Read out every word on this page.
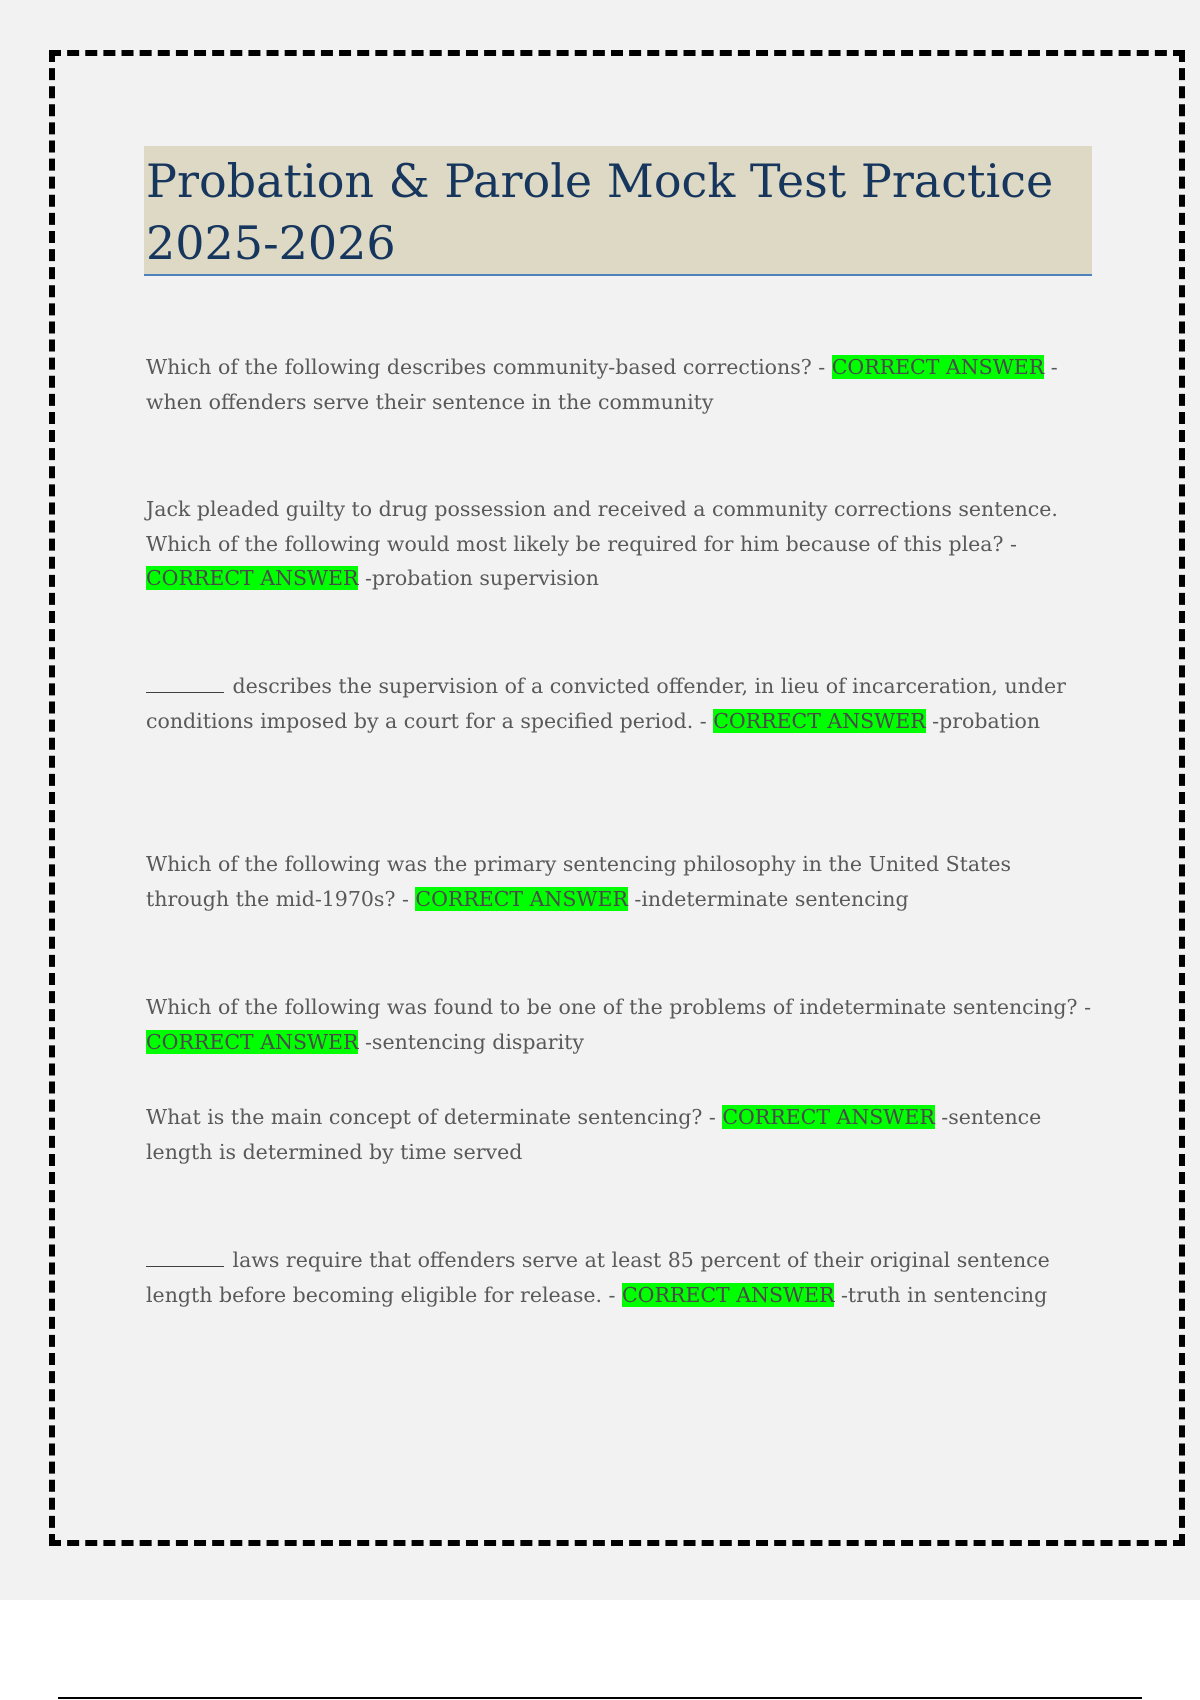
Probation & Parole Mock Test Practice
2025-2026

Which of the following describes community-based corrections? - CORRECT ANSWER -when offenders serve their sentence in the community

Jack pleaded guilty to drug possession and received a community corrections sentence. Which of the following would most likely be required for him because of this plea? - CORRECT ANSWER -probation supervision

describes the supervision of a convicted offender, in lieu of incarceration, under conditions imposed by a court for a specified period. - CORRECT ANSWER -probation

Which of the following was the primary sentencing philosophy in the United States through the mid-1970s? - CORRECT ANSWER -indeterminate sentencing

Which of the following was found to be one of the problems of indeterminate sentencing? - CORRECT ANSWER -sentencing disparity

What is the main concept of determinate sentencing? - CORRECT ANSWER -sentence length is determined by time served

laws require that offenders serve at least 85 percent of their original sentence length before becoming eligible for release. - CORRECT ANSWER -truth in sentencing
